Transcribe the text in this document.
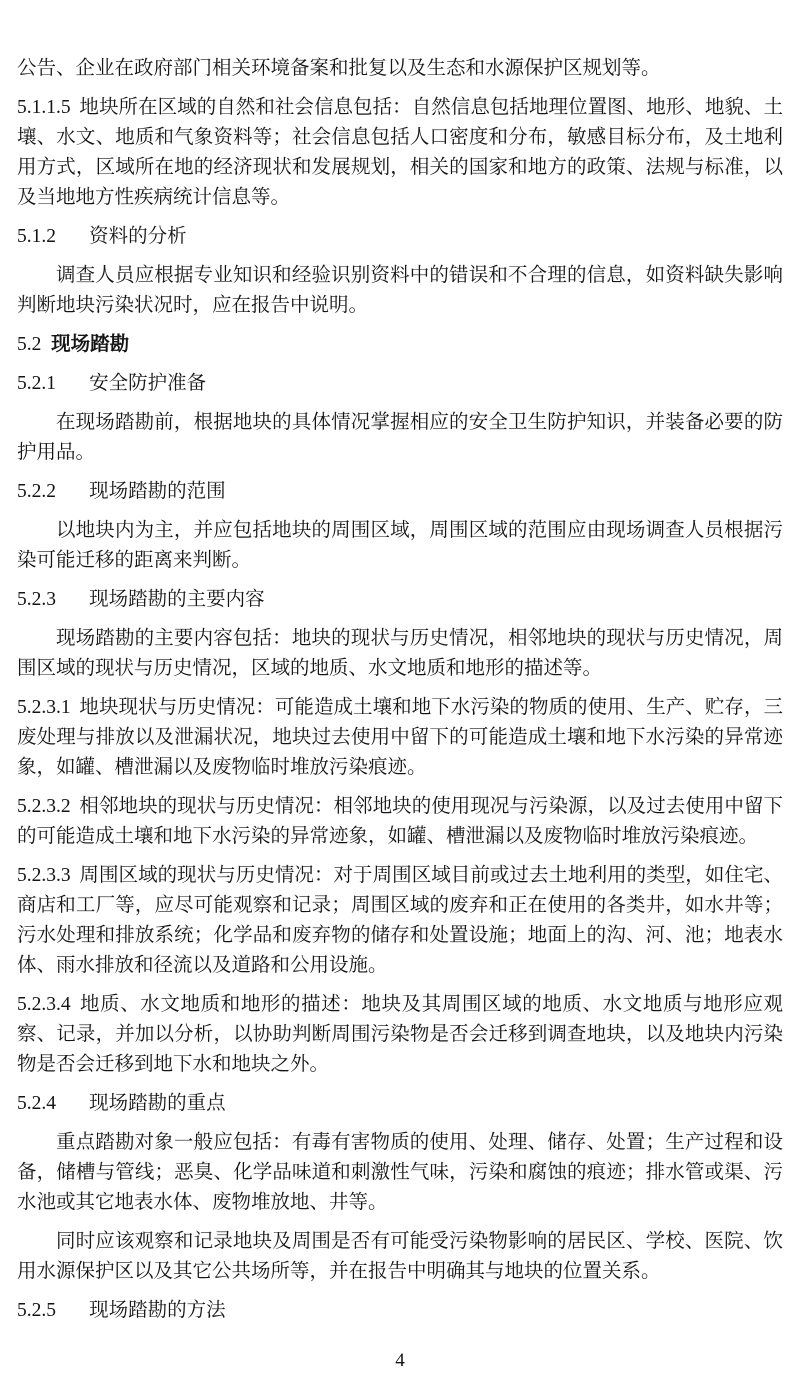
公告、企业在政府部门相关环境备案和批复以及生态和水源保护区规划等。

5.1.1.5 地块所在区域的自然和社会信息包括：自然信息包括地理位置图、地形、地貌、土壤、水文、地质和气象资料等；社会信息包括人口密度和分布，敏感目标分布，及土地利用方式，区域所在地的经济现状和发展规划，相关的国家和地方的政策、法规与标准，以及当地地方性疾病统计信息等。

5.1.2 资料的分析

调查人员应根据专业知识和经验识别资料中的错误和不合理的信息，如资料缺失影响判断地块污染状况时，应在报告中说明。

5.2 现场踏勘
5.2.1 安全防护准备

在现场踏勘前，根据地块的具体情况掌握相应的安全卫生防护知识，并装备必要的防护用品。

5.2.2 现场踏勘的范围

以地块内为主，并应包括地块的周围区域，周围区域的范围应由现场调查人员根据污染可能迁移的距离来判断。

5.2.3 现场踏勘的主要内容

现场踏勘的主要内容包括：地块的现状与历史情况，相邻地块的现状与历史情况，周围区域的现状与历史情况，区域的地质、水文地质和地形的描述等。

5.2.3.1 地块现状与历史情况：可能造成土壤和地下水污染的物质的使用、生产、贮存，三废处理与排放以及泄漏状况，地块过去使用中留下的可能造成土壤和地下水污染的异常迹象，如罐、槽泄漏以及废物临时堆放污染痕迹。

5.2.3.2 相邻地块的现状与历史情况：相邻地块的使用现况与污染源，以及过去使用中留下的可能造成土壤和地下水污染的异常迹象，如罐、槽泄漏以及废物临时堆放污染痕迹。

5.2.3.3 周围区域的现状与历史情况：对于周围区域目前或过去土地利用的类型，如住宅、商店和工厂等，应尽可能观察和记录；周围区域的废弃和正在使用的各类井，如水井等；污水处理和排放系统；化学品和废弃物的储存和处置设施；地面上的沟、河、池；地表水体、雨水排放和径流以及道路和公用设施。

5.2.3.4 地质、水文地质和地形的描述：地块及其周围区域的地质、水文地质与地形应观察、记录，并加以分析，以协助判断周围污染物是否会迁移到调查地块，以及地块内污染物是否会迁移到地下水和地块之外。

5.2.4 现场踏勘的重点

重点踏勘对象一般应包括：有毒有害物质的使用、处理、储存、处置；生产过程和设备，储槽与管线；恶臭、化学品味道和刺激性气味，污染和腐蚀的痕迹；排水管或渠、污水池或其它地表水体、废物堆放地、井等。

同时应该观察和记录地块及周围是否有可能受污染物影响的居民区、学校、医院、饮用水源保护区以及其它公共场所等，并在报告中明确其与地块的位置关系。

5.2.5 现场踏勘的方法
4
